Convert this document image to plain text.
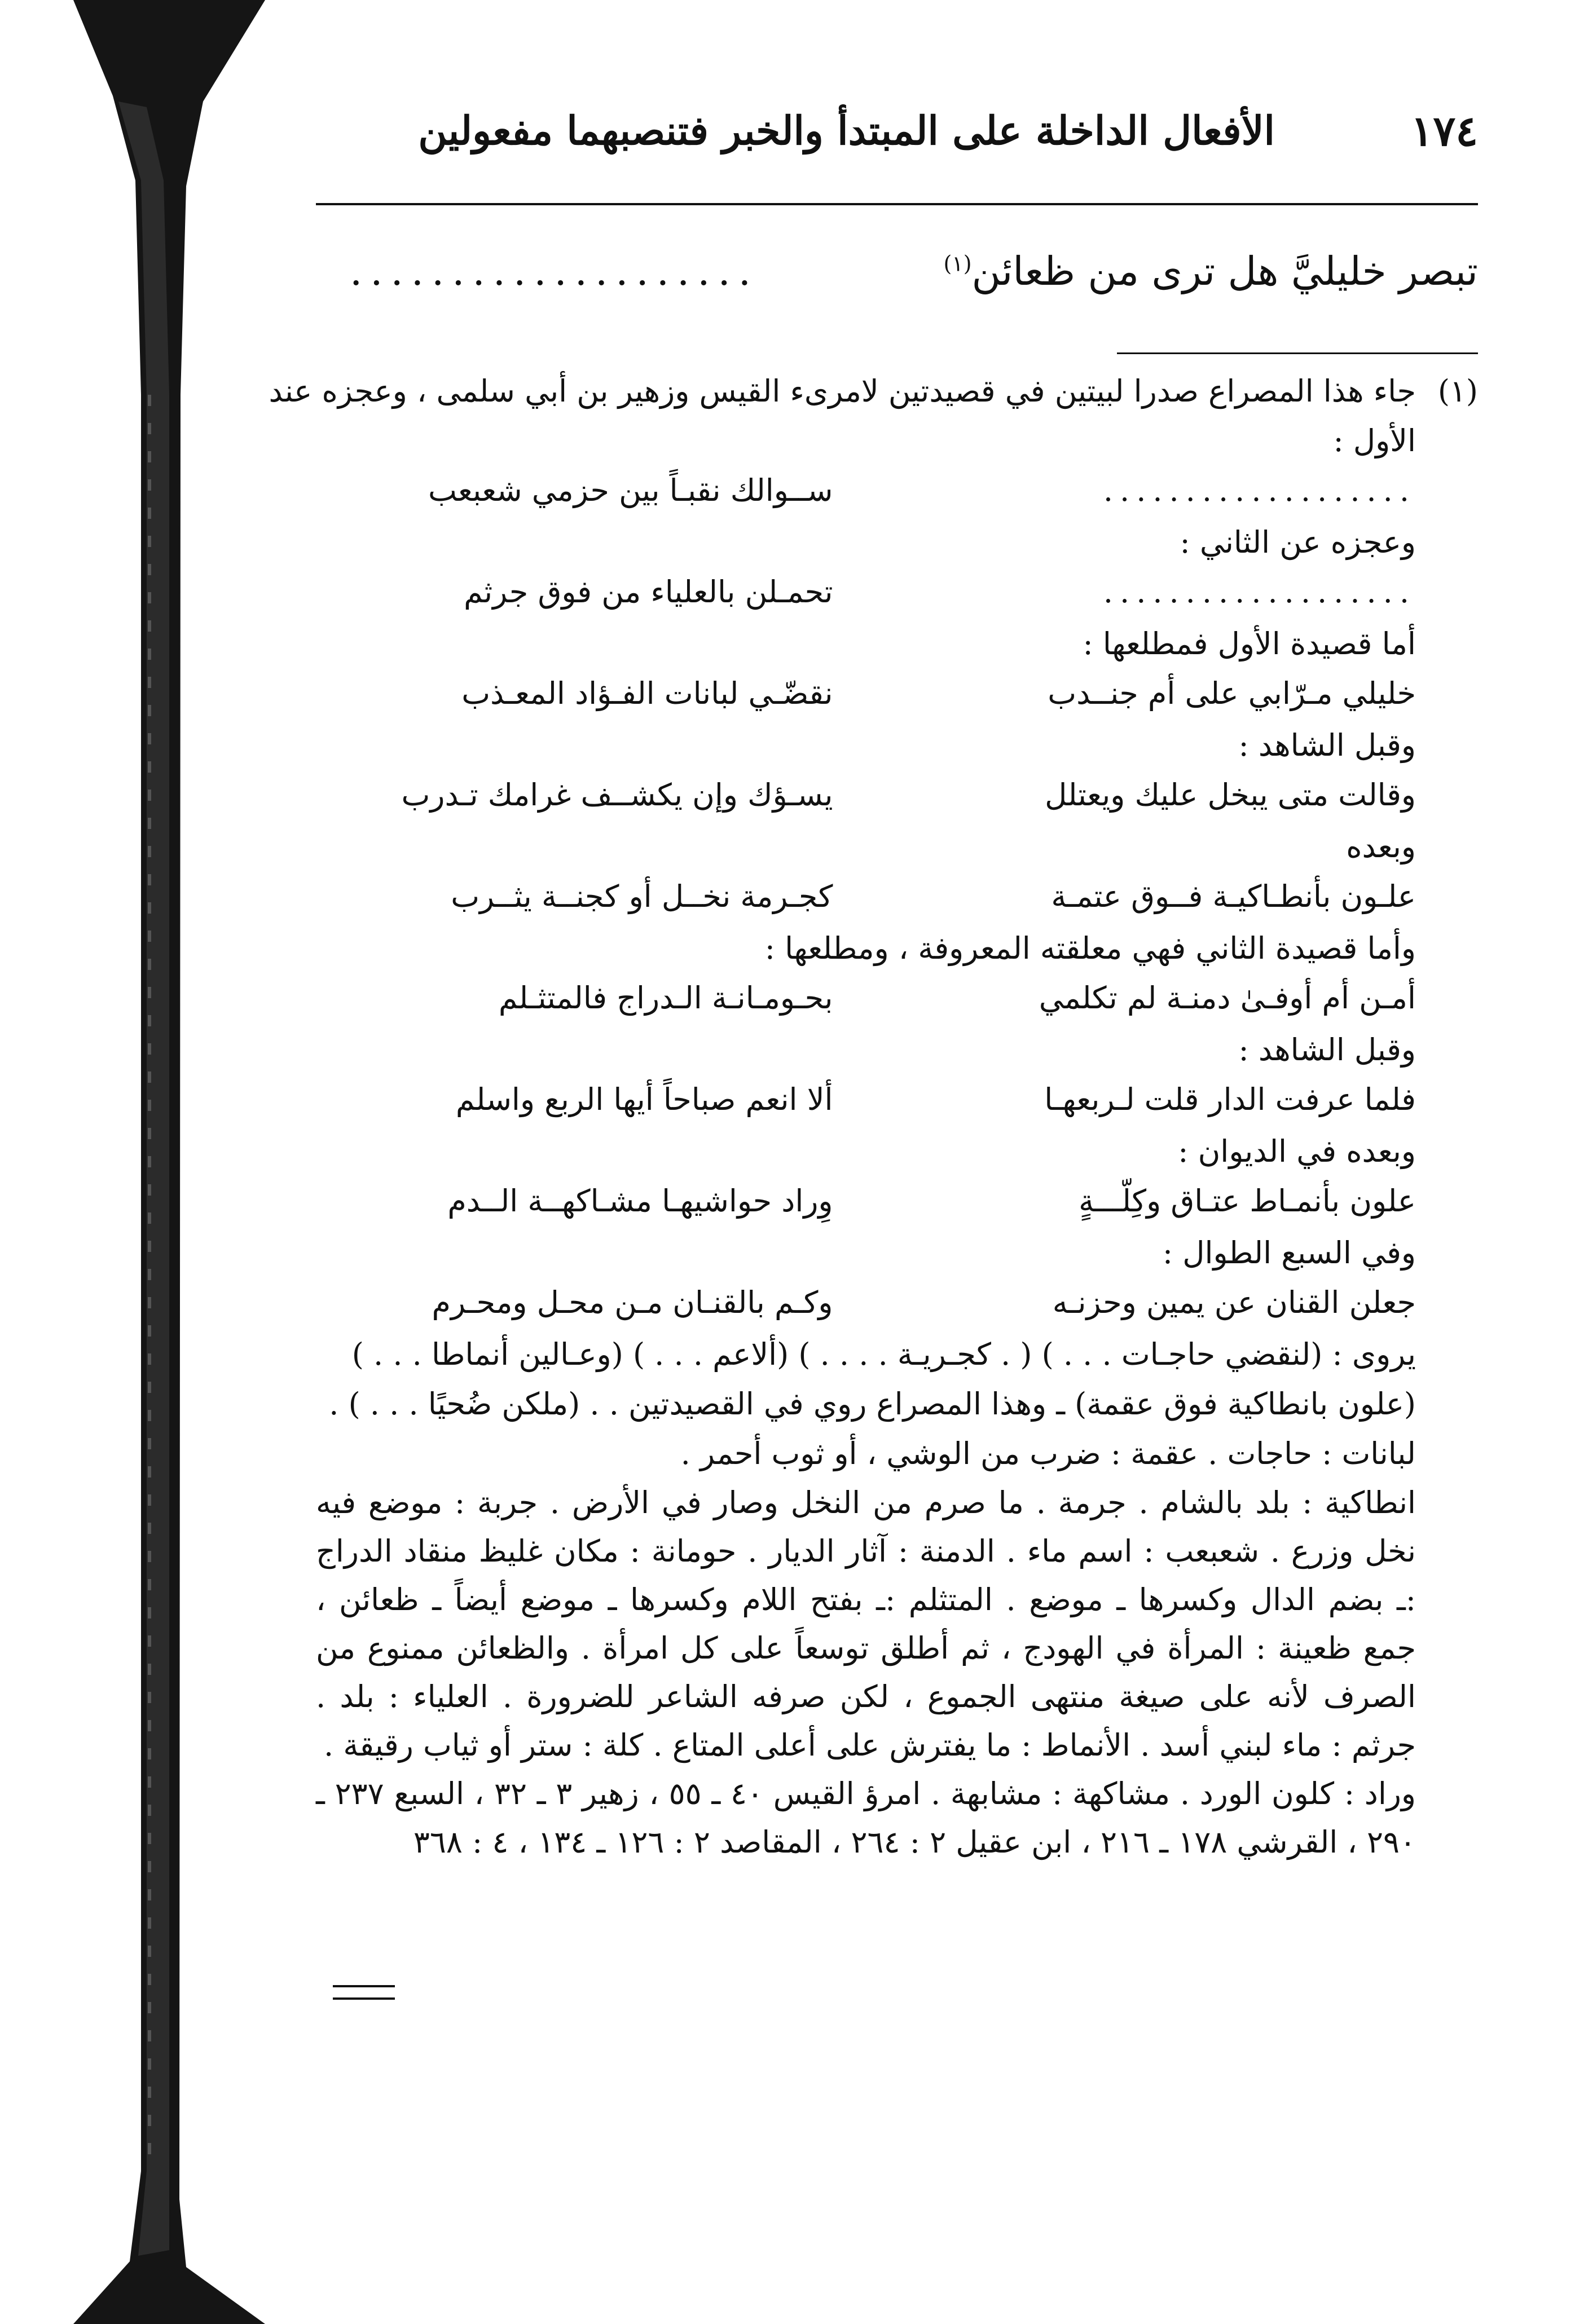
١٧٤
الأفعال الداخلة على المبتدأ والخبر فتنصبهما مفعولين
تبصر خليليَّ هل ترى من ظعائن$^{(١)}$
....................
(١)جاء هذا المصراع صدرا لبيتين في قصيدتين لامرىء القيس وزهير بن أبي سلمى ، وعجزه عند
الأول :
...................
ســوالك نقبـاً بين حزمي شعبعب
وعجزه عن الثاني :
...................
تحمـلن بالعلياء من فوق جرثم
أما قصيدة الأول فمطلعها :
خليلي مـرّابي على أم جنــدب
نقضّـي لبانات الفـؤاد المعـذب
وقبل الشاهد :
وقالت متى يبخل عليك ويعتلل
يسـؤك وإن يكشــف غرامك تـدرب
وبعده
علـون بأنطـاكيـة فــوق عتمـة
كجـرمة نخــل أو كجنــة يثــرب
وأما قصيدة الثاني فهي معلقته المعروفة ، ومطلعها :
أمـن أم أوفـىٰ دمنـة لم تكلمي
بحـومـانـة الـدراج فالمتثـلم
وقبل الشاهد :
فلما عرفت الدار قلت لـربعهـا
ألا انعم صباحاً أيها الربع واسلم
وبعده في الديوان :
علون بأنمـاط عتـاق وكِلّـــةٍ
وِراد حواشيهـا مشـاكهــة الــدم
وفي السبع الطوال :
جعلن القنان عن يمين وحزنـه
وكـم بالقنـان مـن محـل ومحـرم
يروى : (لنقضي حاجـات . . . ) ( . كجـريـة . . . . ) (ألاعم . . . ) (وعـالين أنماطا . . . )
(علون بانطاكية فوق عقمة) ـ وهذا المصراع روي في القصيدتين . . (ملكن ضُحيًا . . . ) .
لبانات : حاجات . عقمة : ضرب من الوشي ، أو ثوب أحمر .
انطاكية : بلد بالشام . جرمة . ما صرم من النخل وصار في الأرض . جربة : موضع فيه نخل وزرع . شعبعب : اسم ماء . الدمنة : آثار الديار . حومانة : مكان غليظ منقاد الدراج :ـ بضم الدال وكسرها ـ موضع . المتثلم :ـ بفتح اللام وكسرها ـ موضع أيضاً ـ ظعائن ، جمع ظعينة : المرأة في الهودج ، ثم أطلق توسعاً على كل امرأة . والظعائن ممنوع من الصرف لأنه على صيغة منتهى الجموع ، لكن صرفه الشاعر للضرورة . العلياء : بلد . جرثم : ماء لبني أسد . الأنماط : ما يفترش على أعلى المتاع . كلة : ستر أو ثياب رقيقة .
وراد : كلون الورد . مشاكهة : مشابهة . امرؤ القيس ٤٠ ـ ٥٥ ، زهير ٣ ـ ٣٢ ، السبع ٢٣٧ ـ ٢٩٠ ، القرشي ١٧٨ ـ ٢١٦ ، ابن عقيل ٢ : ٢٦٤ ، المقاصد ٢ : ١٢٦ ـ ١٣٤ ، ٤ : ٣٦٨
